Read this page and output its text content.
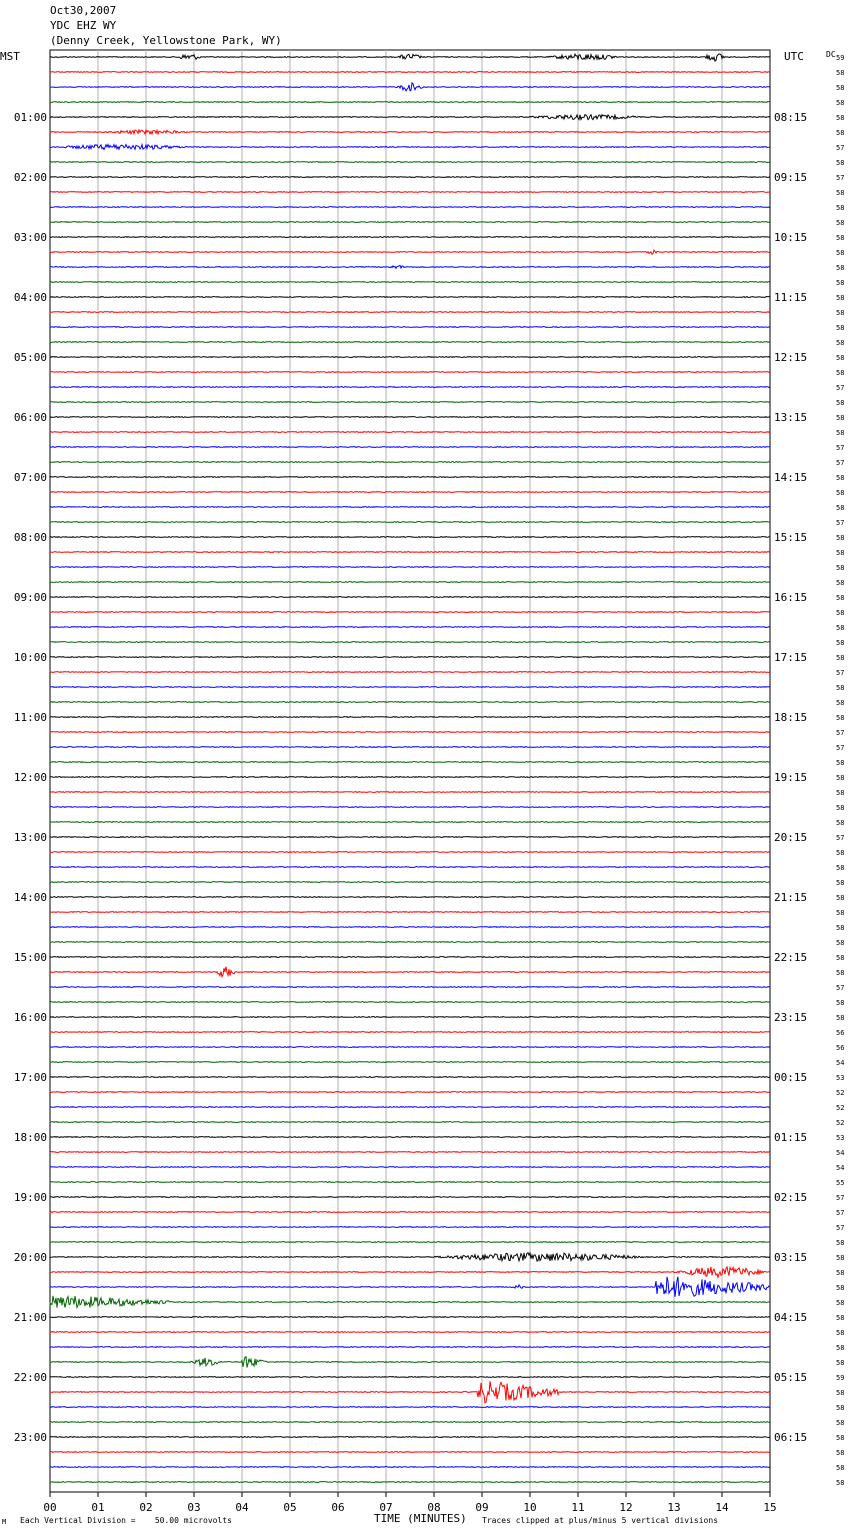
Oct30,2007
YDC EHZ WY
(Denny Creek, Yellowstone Park, WY)
MST	UTC	DC
00	01	02	03	04	05	06	07	08	09	10	11	12	13	14	15
59
58
58
58
58
58
57
58
57
58
58
58
58
58
58
58
58
58
58
58
58
58
57
58
58
58
57
57
58
58
58
57
58
58
58
58
58
58
58
58
58
57
58
58
58
57
57
58
58
58
58
58
57
58
58
58
58
58
58
58
58
58
57
58
58
56
56
54
53
52
52
52
53
54
54
55
57
57
57
58
58
58
58
58
58
58
58
58
59
58
58
58
58
58
58
58
01:00	08:15
02:00	09:15
03:00	10:15
04:00	11:15
05:00	12:15
06:00	13:15
07:00	14:15
08:00	15:15
09:00	16:15
10:00	17:15
11:00	18:15
12:00	19:15
13:00	20:15
14:00	21:15
15:00	22:15
16:00	23:15
17:00	00:15
18:00	01:15
19:00	02:15
20:00	03:15
21:00	04:15
22:00	05:15
23:00	06:15
M Each Vertical Division =    50.00 microvolts	TIME (MINUTES) Traces clipped at plus/minus 5 vertical divisions
